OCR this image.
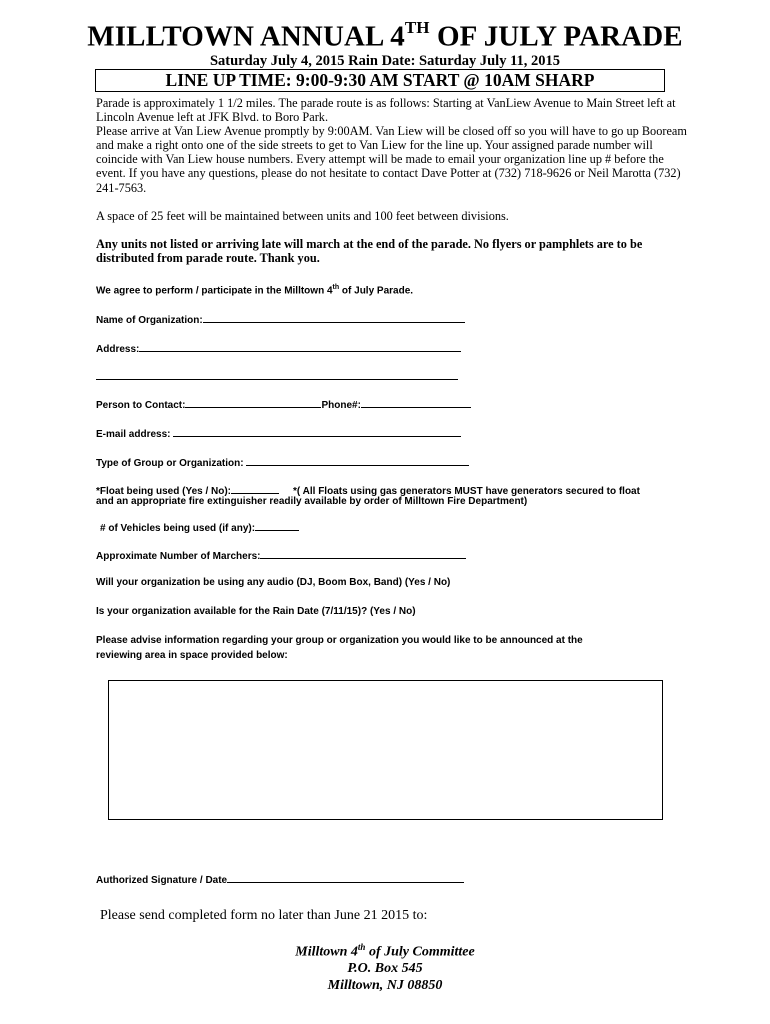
MILLTOWN ANNUAL 4TH OF JULY PARADE
Saturday July 4, 2015 Rain Date: Saturday July 11, 2015
LINE UP TIME: 9:00-9:30 AM START @ 10AM SHARP

Parade is approximately 1 1/2 miles. The parade route is as follows: Starting at VanLiew Avenue to Main Street left at Lincoln Avenue left at JFK Blvd. to Boro Park.

Please arrive at Van Liew Avenue promptly by 9:00AM. Van Liew will be closed off so you will have to go up Booream and make a right onto one of the side streets to get to Van Liew for the line up. Your assigned parade number will coincide with Van Liew house numbers. Every attempt will be made to email your organization line up # before the event. If you have any questions, please do not hesitate to contact Dave Potter at (732) 718-9626 or Neil Marotta (732) 241-7563.

A space of 25 feet will be maintained between units and 100 feet between divisions.
Any units not listed or arriving late will march at the end of the parade. No flyers or pamphlets are to be distributed from parade route. Thank you.
We agree to perform / participate in the Milltown 4th of July Parade.
Name of Organization:
Address:
Person to Contact:	Phone#:
E-mail address:
Type of Group or Organization:
*Float being used (Yes / No):	*( All Floats using gas generators MUST have generators secured to float
and an appropriate fire extinguisher readily available by order of Milltown Fire Department)
# of Vehicles being used (if any):
Approximate Number of Marchers:
Will your organization be using any audio (DJ, Boom Box, Band) (Yes / No)
Is your organization available for the Rain Date (7/11/15)? (Yes / No)
Please advise information regarding your group or organization you would like to be announced at the
reviewing area in space provided below:
Authorized Signature / Date
Please send completed form no later than June 21 2015 to:
Milltown 4th of July Committee
P.O. Box 545
Milltown, NJ 08850
